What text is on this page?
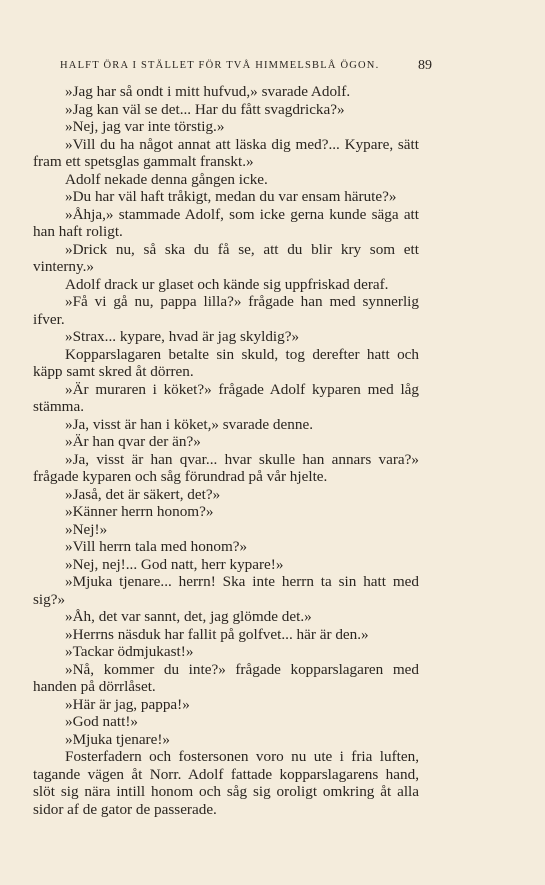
HALFT ÖRA I STÄLLET FÖR TVÅ HIMMELSBLÅ ÖGON.	89

»Jag har så ondt i mitt hufvud,» svarade Adolf.

»Jag kan väl se det... Har du fått svagdricka?»

»Nej, jag var inte törstig.»

»Vill du ha något annat att läska dig med?... Kypare, sätt fram ett spetsglas gammalt franskt.»

Adolf nekade denna gången icke.

»Du har väl haft tråkigt, medan du var ensam härute?»

»Åhja,» stammade Adolf, som icke gerna kunde säga att han haft roligt.

»Drick nu, så ska du få se, att du blir kry som ett vinterny.»

Adolf drack ur glaset och kände sig uppfriskad deraf.

»Få vi gå nu, pappa lilla?» frågade han med synnerlig ifver.

»Strax... kypare, hvad är jag skyldig?»

Kopparslagaren betalte sin skuld, tog derefter hatt och käpp samt skred åt dörren.

»Är muraren i köket?» frågade Adolf kyparen med låg stämma.

»Ja, visst är han i köket,» svarade denne.

»Är han qvar der än?»

»Ja, visst är han qvar... hvar skulle han annars vara?» frågade kyparen och såg förundrad på vår hjelte.

»Jaså, det är säkert, det?»

»Känner herrn honom?»

»Nej!»

»Vill herrn tala med honom?»

»Nej, nej!... God natt, herr kypare!»

»Mjuka tjenare... herrn! Ska inte herrn ta sin hatt med sig?»

»Åh, det var sannt, det, jag glömde det.»

»Herrns näsduk har fallit på golfvet... här är den.»

»Tackar ödmjukast!»

»Nå, kommer du inte?» frågade kopparslagaren med handen på dörrlåset.

»Här är jag, pappa!»

»God natt!»

»Mjuka tjenare!»

Fosterfadern och fostersonen voro nu ute i fria luften, tagande vägen åt Norr. Adolf fattade kopparslagarens hand, slöt sig nära intill honom och såg sig oroligt omkring åt alla sidor af de gator de passerade.
